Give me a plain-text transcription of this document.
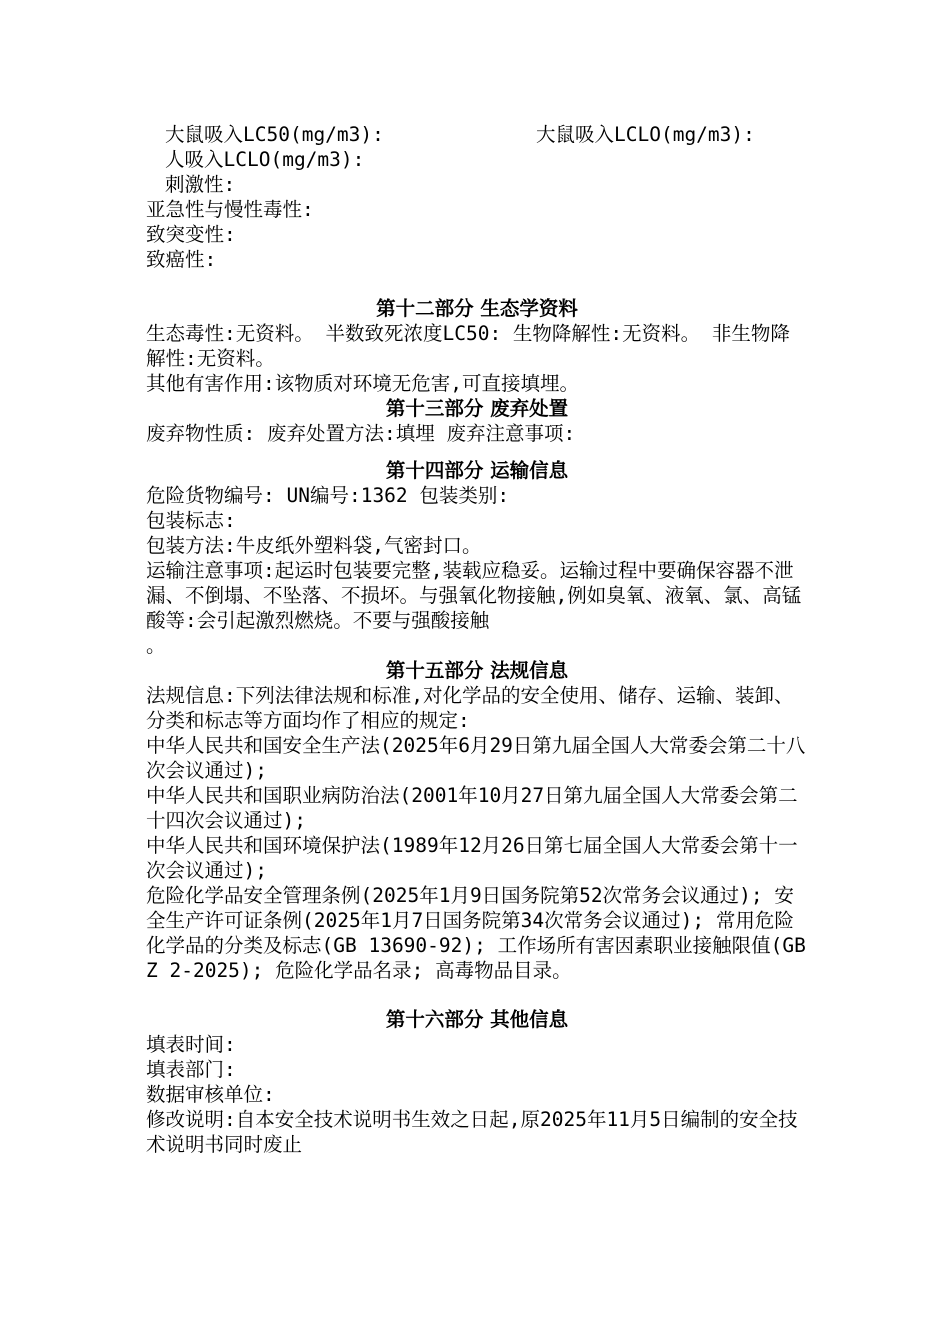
大鼠吸入LC50(mg/m3):	大鼠吸入LCLO(mg/m3):
人吸入LCLO(mg/m3):
刺激性:
亚急性与慢性毒性:
致突变性:
致癌性:
第十二部分 生态学资料
生态毒性:无资料。 半数致死浓度LC50: 生物降解性:无资料。 非生物降解性:无资料。
其他有害作用:该物质对环境无危害,可直接填埋。
第十三部分 废弃处置
废弃物性质: 废弃处置方法:填埋 废弃注意事项:
第十四部分 运输信息
危险货物编号: UN编号:1362 包装类别:
包装标志:
包装方法:牛皮纸外塑料袋,气密封口。
运输注意事项:起运时包装要完整,装载应稳妥。运输过程中要确保容器不泄漏、不倒塌、不坠落、不损坏。与强氧化物接触,例如臭氧、液氧、氯、高锰酸等:会引起激烈燃烧。不要与强酸接触
。
第十五部分 法规信息
法规信息:下列法律法规和标准,对化学品的安全使用、储存、运输、装卸、分类和标志等方面均作了相应的规定:
中华人民共和国安全生产法(2025年6月29日第九届全国人大常委会第二十八次会议通过);
中华人民共和国职业病防治法(2001年10月27日第九届全国人大常委会第二十四次会议通过);
中华人民共和国环境保护法(1989年12月26日第七届全国人大常委会第十一次会议通过);
危险化学品安全管理条例(2025年1月9日国务院第52次常务会议通过); 安全生产许可证条例(2025年1月7日国务院第34次常务会议通过); 常用危险化学品的分类及标志(GB 13690-92); 工作场所有害因素职业接触限值(GBZ 2-2025); 危险化学品名录; 高毒物品目录。
第十六部分 其他信息
填表时间:
填表部门:
数据审核单位:
修改说明:自本安全技术说明书生效之日起,原2025年11月5日编制的安全技术说明书同时废止
